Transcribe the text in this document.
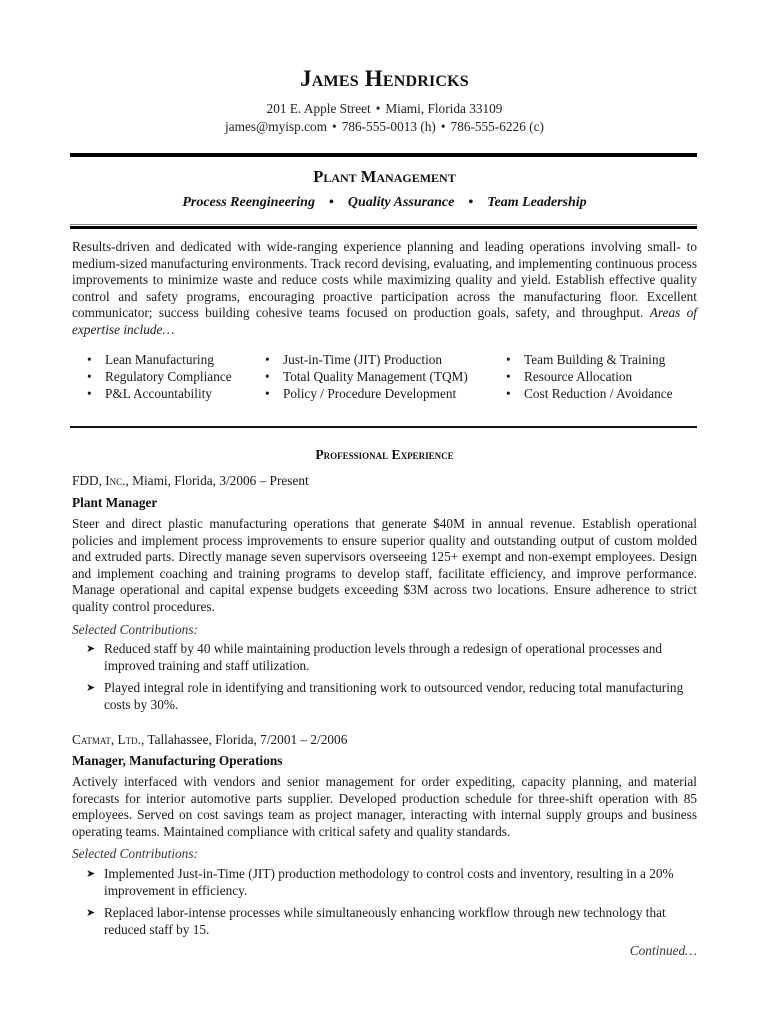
James Hendricks
201 E. Apple Street • Miami, Florida 33109
james@myisp.com • 786-555-0013 (h) • 786-555-6226 (c)
Plant Management
Process Reengineering • Quality Assurance • Team Leadership
Results-driven and dedicated with wide-ranging experience planning and leading operations involving small- to medium-sized manufacturing environments. Track record devising, evaluating, and implementing continuous process improvements to minimize waste and reduce costs while maximizing quality and yield. Establish effective quality control and safety programs, encouraging proactive participation across the manufacturing floor. Excellent communicator; success building cohesive teams focused on production goals, safety, and throughput. Areas of expertise include…
• Lean Manufacturing
• Regulatory Compliance
• P&L Accountability
• Just-in-Time (JIT) Production
• Total Quality Management (TQM)
• Policy / Procedure Development
• Team Building & Training
• Resource Allocation
• Cost Reduction / Avoidance
Professional Experience
FDD, Inc., Miami, Florida, 3/2006 – Present
Plant Manager
Steer and direct plastic manufacturing operations that generate $40M in annual revenue. Establish operational policies and implement process improvements to ensure superior quality and outstanding output of custom molded and extruded parts. Directly manage seven supervisors overseeing 125+ exempt and non-exempt employees. Design and implement coaching and training programs to develop staff, facilitate efficiency, and improve performance. Manage operational and capital expense budgets exceeding $3M across two locations. Ensure adherence to strict quality control procedures.
Selected Contributions:
➤ Reduced staff by 40 while maintaining production levels through a redesign of operational processes and improved training and staff utilization.
➤ Played integral role in identifying and transitioning work to outsourced vendor, reducing total manufacturing costs by 30%.
Catmat, Ltd., Tallahassee, Florida, 7/2001 – 2/2006
Manager, Manufacturing Operations
Actively interfaced with vendors and senior management for order expediting, capacity planning, and material forecasts for interior automotive parts supplier. Developed production schedule for three-shift operation with 85 employees. Served on cost savings team as project manager, interacting with internal supply groups and business operating teams. Maintained compliance with critical safety and quality standards.
Selected Contributions:
➤ Implemented Just-in-Time (JIT) production methodology to control costs and inventory, resulting in a 20% improvement in efficiency.
➤ Replaced labor-intense processes while simultaneously enhancing workflow through new technology that reduced staff by 15.
Continued…
